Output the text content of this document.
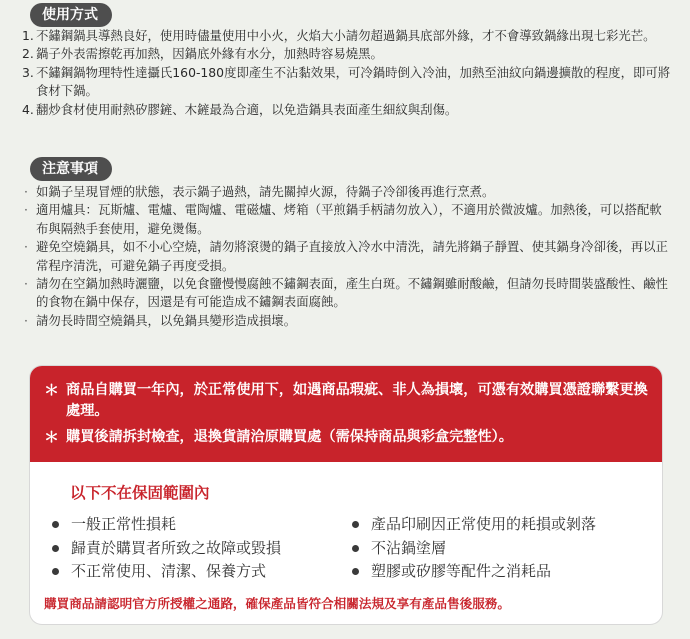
使用方式
1. 不鏽鋼鍋具導熱良好，使用時儘量使用中小火，火焰大小請勿超過鍋具底部外緣，才不會導致鍋緣出現七彩光芒。
2. 鍋子外表需擦乾再加熱，因鍋底外緣有水分，加熱時容易燒黑。
3. 不鏽鋼鍋物理特性達攝氏160-180度即產生不沾黏效果，可冷鍋時倒入冷油，加熱至油紋向鍋邊擴散的程度，即可將食材下鍋。
4. 翻炒食材使用耐熱矽膠鏟、木鏟最為合適，以免造鍋具表面產生細紋與刮傷。
注意事項
· 如鍋子呈現冒煙的狀態，表示鍋子過熱，請先關掉火源，待鍋子冷卻後再進行烹煮。
· 適用爐具：瓦斯爐、電爐、電陶爐、電磁爐、烤箱（平煎鍋手柄請勿放入），不適用於微波爐。加熱後，可以搭配軟布與隔熱手套使用，避免燙傷。
· 避免空燒鍋具，如不小心空燒，請勿將滾燙的鍋子直接放入冷水中清洗，請先將鍋子靜置、使其鍋身冷卻後，再以正常程序清洗，可避免鍋子再度受損。
· 請勿在空鍋加熱時灑鹽，以免食鹽慢慢腐蝕不鏽鋼表面，產生白斑。不鏽鋼雖耐酸鹼，但請勿長時間裝盛酸性、鹼性的食物在鍋中保存，因還是有可能造成不鏽鋼表面腐蝕。
· 請勿長時間空燒鍋具，以免鍋具變形造成損壞。
＊ 商品自購買一年內，於正常使用下，如遇商品瑕疵、非人為損壞，可憑有效購買憑證聯繫更換處理。
＊ 購買後請拆封檢查，退換貨請洽原購買處（需保持商品與彩盒完整性）。
以下不在保固範圍內
一般正常性損耗
歸責於購買者所致之故障或毀損
不正常使用、清潔、保養方式
產品印刷因正常使用的耗損或剝落
不沾鍋塗層
塑膠或矽膠等配件之消耗品
購買商品請認明官方所授權之通路，確保產品皆符合相關法規及享有產品售後服務。
